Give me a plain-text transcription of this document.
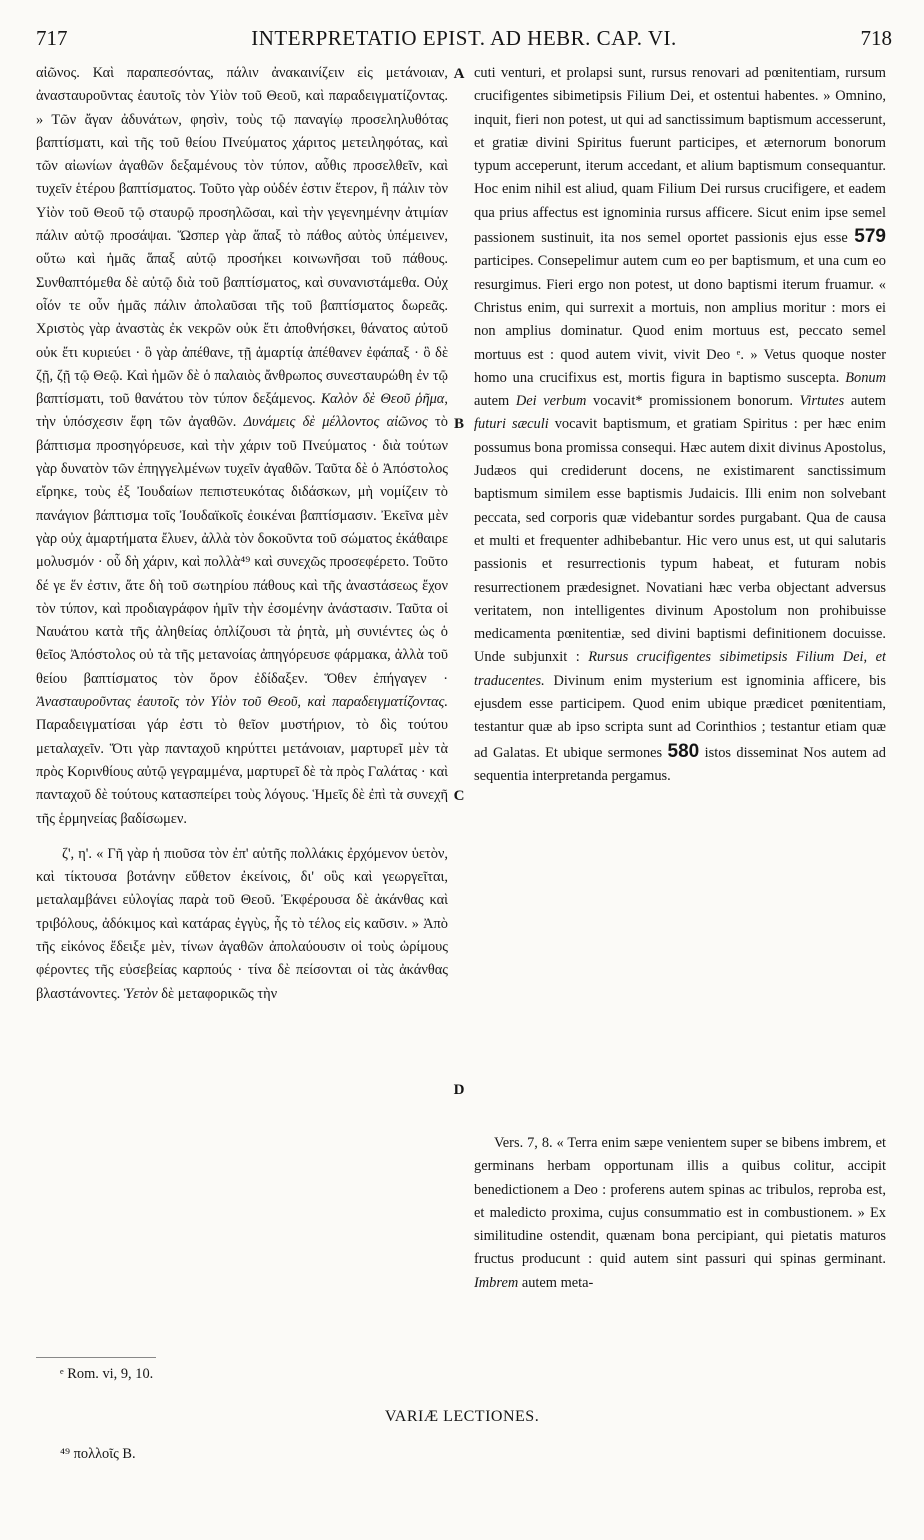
717	INTERPRETATIO EPIST. AD HEBR. CAP. VI.	718

αἰῶνος. Καὶ παραπεσόντας, πάλιν ἀνακαινίζειν εἰς μετάνοιαν, ἀνασταυροῦντας ἑαυτοῖς τὸν Υἱὸν τοῦ Θεοῦ, καὶ παραδειγματίζοντας. » Τῶν ἄγαν ἀδυνάτων, φησὶν, τοὺς τῷ παναγίῳ προσεληλυθότας βαπτίσματι, καὶ τῆς τοῦ θείου Πνεύματος χάριτος μετειληφότας, καὶ τῶν αἰωνίων ἀγαθῶν δεξαμένους τὸν τύπον, αὖθις προσελθεῖν, καὶ τυχεῖν ἑτέρου βαπτίσματος. Τοῦτο γὰρ οὐδέν ἐστιν ἕτερον, ἢ πάλιν τὸν Υἱὸν τοῦ Θεοῦ τῷ σταυρῷ προσηλῶσαι, καὶ τὴν γεγενημένην ἀτιμίαν πάλιν αὐτῷ προσάψαι. Ὥσπερ γὰρ ἅπαξ τὸ πάθος αὐτὸς ὑπέμεινεν, οὕτω καὶ ἡμᾶς ἅπαξ αὐτῷ προσήκει κοινωνῆσαι τοῦ πάθους. Συνθαπτόμεθα δὲ αὐτῷ διὰ τοῦ βαπτίσματος, καὶ συνανιστάμεθα. Οὐχ οἷόν τε οὖν ἡμᾶς πάλιν ἀπολαῦσαι τῆς τοῦ βαπτίσματος δωρεᾶς. Χριστὸς γὰρ ἀναστὰς ἐκ νεκρῶν οὐκ ἔτι ἀποθνήσκει, θάνατος αὐτοῦ οὐκ ἔτι κυριεύει · ὃ γὰρ ἀπέθανε, τῇ ἁμαρτίᾳ ἀπέθανεν ἐφάπαξ · ὃ δὲ ζῇ, ζῇ τῷ Θεῷ. Καὶ ἡμῶν δὲ ὁ παλαιὸς ἄνθρωπος συνεσταυρώθη ἐν τῷ βαπτίσματι, τοῦ θανάτου τὸν τύπον δεξάμενος. Καλὸν δὲ Θεοῦ ῥῆμα, τὴν ὑπόσχεσιν ἔφη τῶν ἀγαθῶν. Δυνάμεις δὲ μέλλοντος αἰῶνος τὸ βάπτισμα προσηγόρευσε, καὶ τὴν χάριν τοῦ Πνεύματος · διὰ τούτων γὰρ δυνατὸν τῶν ἐπηγγελμένων τυχεῖν ἀγαθῶν. Ταῦτα δὲ ὁ Ἀπόστολος εἴρηκε, τοὺς ἐξ Ἰουδαίων πεπιστευκότας διδάσκων, μὴ νομίζειν τὸ πανάγιον βάπτισμα τοῖς Ἰουδαϊκοῖς ἐοικέναι βαπτίσμασιν. Ἐκεῖνα μὲν γὰρ οὐχ ἁμαρτήματα ἔλυεν, ἀλλὰ τὸν δοκοῦντα τοῦ σώματος ἐκάθαιρε μολυσμόν · οὗ δὴ χάριν, καὶ πολλὰ⁴⁹ καὶ συνεχῶς προσεφέρετο. Τοῦτο δέ γε ἕν ἐστιν, ἅτε δὴ τοῦ σωτηρίου πάθους καὶ τῆς ἀναστάσεως ἔχον τὸν τύπον, καὶ προδιαγράφον ἡμῖν τὴν ἐσομένην ἀνάστασιν. Ταῦτα οἱ Ναυάτου κατὰ τῆς ἀληθείας ὁπλίζουσι τὰ ῥητὰ, μὴ συνιέντες ὡς ὁ θεῖος Ἀπόστολος οὐ τὰ τῆς μετανοίας ἀπηγόρευσε φάρμακα, ἀλλὰ τοῦ θείου βαπτίσματος τὸν ὅρον ἐδίδαξεν. Ὅθεν ἐπήγαγεν · Ἀνασταυροῦντας ἑαυτοῖς τὸν Υἱὸν τοῦ Θεοῦ, καὶ παραδειγματίζοντας. Παραδειγματίσαι γάρ ἐστι τὸ θεῖον μυστήριον, τὸ δὶς τούτου μεταλαχεῖν. Ὅτι γὰρ πανταχοῦ κηρύττει μετάνοιαν, μαρτυρεῖ μὲν τὰ πρὸς Κορινθίους αὐτῷ γεγραμμένα, μαρτυρεῖ δὲ τὰ πρὸς Γαλάτας · καὶ πανταχοῦ δὲ τούτους κατασπείρει τοὺς λόγους. Ἡμεῖς δὲ ἐπὶ τὰ συνεχῆ τῆς ἑρμηνείας βαδίσωμεν.

ζ', η'. « Γῆ γὰρ ἡ πιοῦσα τὸν ἐπ' αὐτῆς πολλάκις ἐρχόμενον ὑετὸν, καὶ τίκτουσα βοτάνην εὔθετον ἐκείνοις, δι' οὓς καὶ γεωργεῖται, μεταλαμβάνει εὐλογίας παρὰ τοῦ Θεοῦ. Ἐκφέρουσα δὲ ἀκάνθας καὶ τριβόλους, ἀδόκιμος καὶ κατάρας ἐγγὺς, ἧς τὸ τέλος εἰς καῦσιν. » Ἀπὸ τῆς εἰκόνος ἔδειξε μὲν, τίνων ἀγαθῶν ἀπολαύουσιν οἱ τοὺς ὡρίμους φέροντες τῆς εὐσεβείας καρπούς · τίνα δὲ πείσονται οἱ τὰς ἀκάνθας βλαστάνοντες. Ὑετὸν δὲ μεταφορικῶς τὴν

A
B
C
D

cuti venturi, et prolapsi sunt, rursus renovari ad pœnitentiam, rursum crucifigentes sibimetipsis Filium Dei, et ostentui habentes. » Omnino, inquit, fieri non potest, ut qui ad sanctissimum baptismum accesserunt, et gratiæ divini Spiritus fuerunt participes, et æternorum bonorum typum acceperunt, iterum accedant, et alium baptismum consequantur. Hoc enim nihil est aliud, quam Filium Dei rursus crucifigere, et eadem qua prius affectus est ignominia rursus afficere. Sicut enim ipse semel passionem sustinuit, ita nos semel oportet passionis ejus esse 579 participes. Consepelimur autem cum eo per baptismum, et una cum eo resurgimus. Fieri ergo non potest, ut dono baptismi iterum fruamur. « Christus enim, qui surrexit a mortuis, non amplius moritur : mors ei non amplius dominatur. Quod enim mortuus est, peccato semel mortuus est : quod autem vivit, vivit Deo ᵉ. » Vetus quoque noster homo una crucifixus est, mortis figura in baptismo suscepta. Bonum autem Dei verbum vocavit* promissionem bonorum. Virtutes autem futuri sæculi vocavit baptismum, et gratiam Spiritus : per hæc enim possumus bona promissa consequi. Hæc autem dixit divinus Apostolus, Judæos qui crediderunt docens, ne existimarent sanctissimum baptismum similem esse baptismis Judaicis. Illi enim non solvebant peccata, sed corporis quæ videbantur sordes purgabant. Qua de causa et multi et frequenter adhibebantur. Hic vero unus est, ut qui salutaris passionis et resurrectionis typum habeat, et futuram nobis resurrectionem prædesignet. Novatiani hæc verba objectant adversus veritatem, non intelligentes divinum Apostolum non prohibuisse medicamenta pœnitentiæ, sed divini baptismi definitionem docuisse. Unde subjunxit : Rursus crucifigentes sibimetipsis Filium Dei, et traducentes. Divinum enim mysterium est ignominia afficere, bis ejusdem esse participem. Quod enim ubique prædicet pœnitentiam, testantur quæ ab ipso scripta sunt ad Corinthios ; testantur etiam quæ ad Galatas. Et ubique sermones 580 istos disseminat Nos autem ad sequentia interpretanda pergamus.

Vers. 7, 8. « Terra enim sæpe venientem super se bibens imbrem, et germinans herbam opportunam illis a quibus colitur, accipit benedictionem a Deo : proferens autem spinas ac tribulos, reproba est, et maledicto proxima, cujus consummatio est in combustionem. » Ex similitudine ostendit, quænam bona percipiant, qui pietatis maturos fructus producunt : quid autem sint passuri qui spinas germinant. Imbrem autem meta-

ᵉ Rom. vi, 9, 10.
VARIÆ LECTIONES.
⁴⁹ πολλοῖς B.
